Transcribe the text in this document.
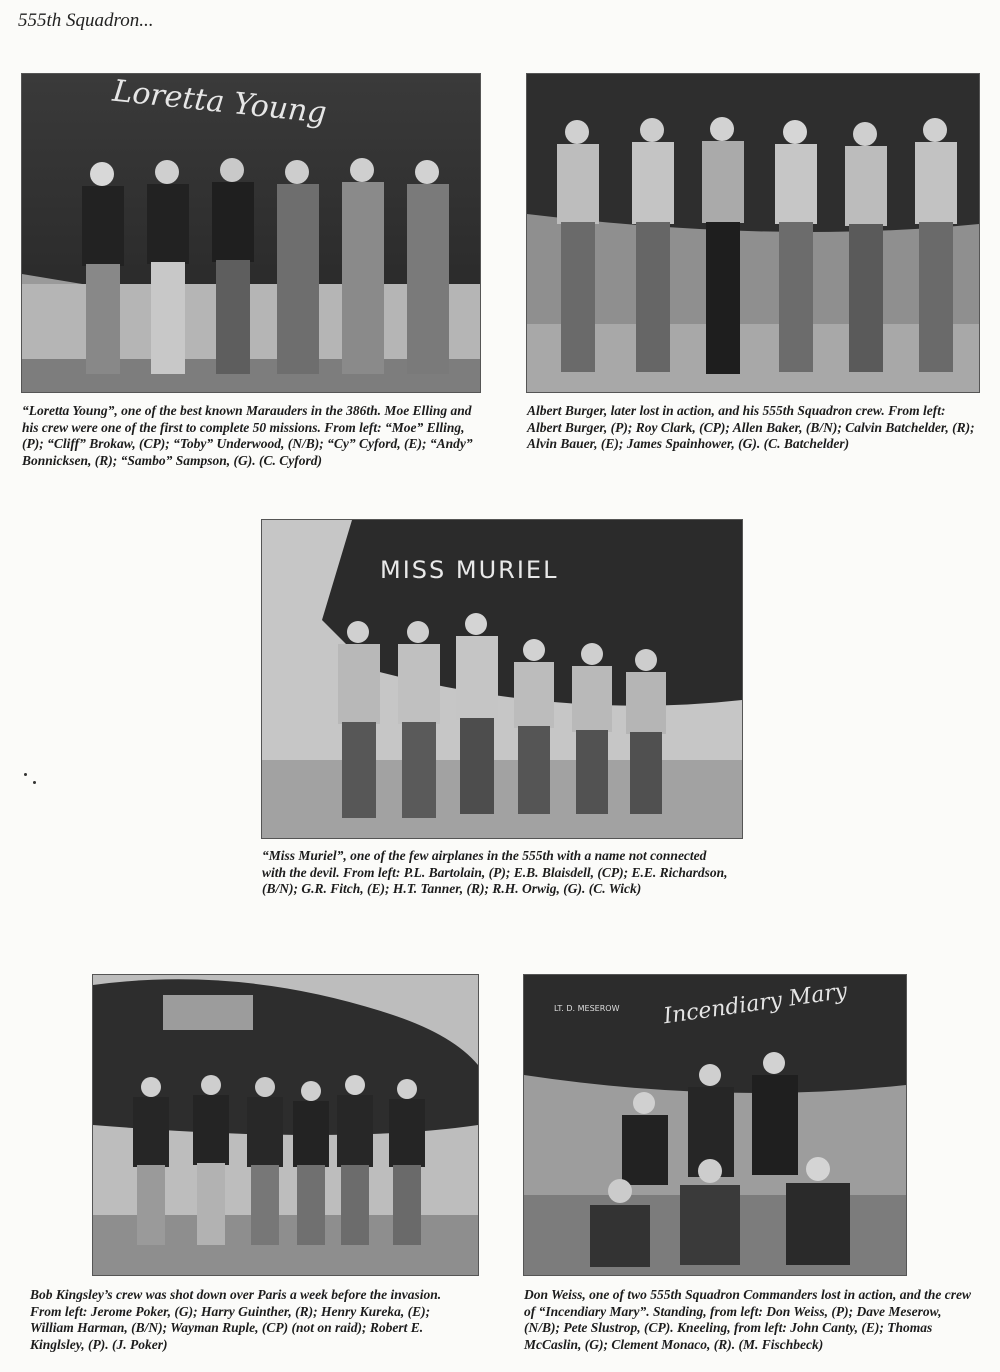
555th Squadron...
Loretta Young
“Loretta Young”, one of the best known Marauders in the 386th. Moe Elling and his crew were one of the first to complete 50 missions. From left: “Moe” Elling, (P); “Cliff” Brokaw, (CP); “Toby” Underwood, (N/B); “Cy” Cyford, (E); “Andy” Bonnicksen, (R); “Sambo” Sampson, (G). (C. Cyford)
Albert Burger, later lost in action, and his 555th Squadron crew. From left: Albert Burger, (P); Roy Clark, (CP); Allen Baker, (B/N); Calvin Batchelder, (R); Alvin Bauer, (E); James Spainhower, (G). (C. Batchelder)
MISS MURIEL
“Miss Muriel”, one of the few airplanes in the 555th with a name not connected with the devil. From left: P.L. Bartolain, (P); E.B. Blaisdell, (CP); E.E. Richardson, (B/N); G.R. Fitch, (E); H.T. Tanner, (R); R.H. Orwig, (G). (C. Wick)
Bob Kingsley’s crew was shot down over Paris a week before the invasion. From left: Jerome Poker, (G); Harry Guinther, (R); Henry Kureka, (E); William Harman, (B/N); Wayman Ruple, (CP) (not on raid); Robert E. Kinglsley, (P). (J. Poker)
LT. D. MESEROW Incendiary Mary
Don Weiss, one of two 555th Squadron Commanders lost in action, and the crew of “Incendiary Mary”. Standing, from left: Don Weiss, (P); Dave Meserow, (N/B); Pete Slustrop, (CP). Kneeling, from left: John Canty, (E); Thomas McCaslin, (G); Clement Monaco, (R). (M. Fischbeck)
